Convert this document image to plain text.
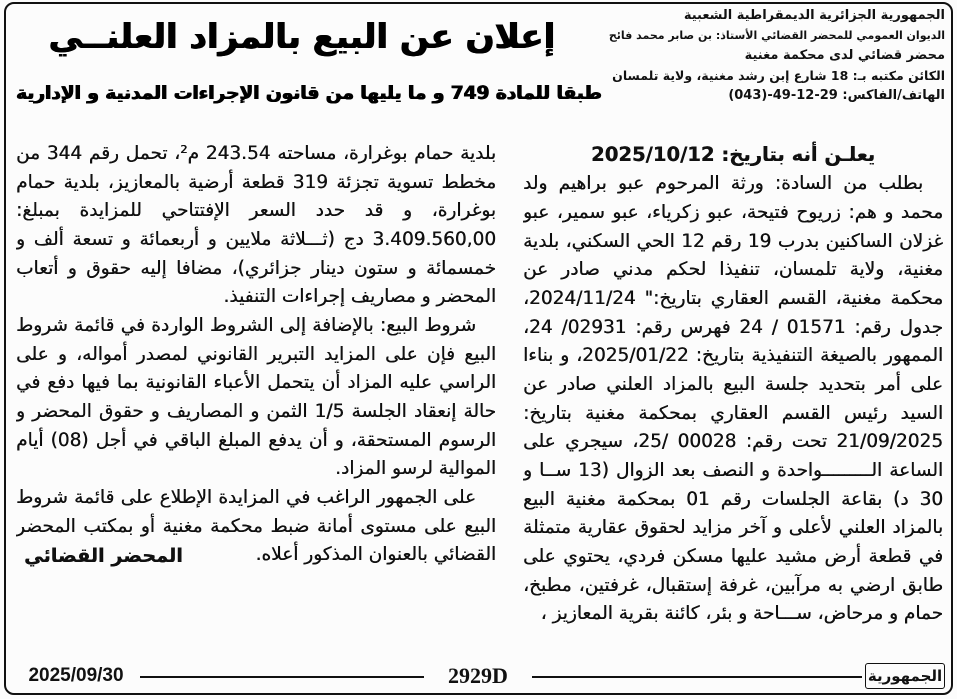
الجمهورية الجزائرية الديمقراطية الشعبية
الديوان العمومي للمحضر القضائي الأستاذ: بن صابر محمد فائح
محضر قضائي لدى محكمة مغنية
الكائن مكتبه بـ: 18 شارع إبن رشد مغنية، ولاية تلمسان
الهاتف/الفاكس: 29-12-49-(043)
إعلان عن البيع بالمزاد العلنــي
طبقا للمادة 749 و ما يليها من قانون الإجراءات المدنية و الإدارية

يعلـن أنه بتاريخ: 2025/10/12

بطلب من السادة: ورثة المرحوم عبو براهيم ولد محمد و هم: زريوح فتيحة، عبو زكرياء، عبو سمير، عبو غزلان الساكنين بدرب 19 رقم 12 الحي السكني، بلدية مغنية، ولاية تلمسان، تنفيذا لحكم مدني صادر عن محكمة مغنية، القسم العقاري بتاريخ:" 2024/11/24، جدول رقم: 01571 / 24 فهرس رقم: 02931/ 24، الممهور بالصيغة التنفيذية بتاريخ: 2025/01/22، و بناءا على أمر بتحديد جلسة البيع بالمزاد العلني صادر عن السيد رئيس القسم العقاري بمحكمة مغنية بتاريخ: 21/09/2025 تحت رقم: 00028 /25، سيجري على الساعة الـــــــــواحدة و النصف بعد الزوال (13 ســا و 30 د) بقاعة الجلسات رقم 01 بمحكمة مغنية البيع بالمزاد العلني لأعلى و آخر مزايد لحقوق عقارية متمثلة في قطعة أرض مشيد عليها مسكن فردي، يحتوي على طابق ارضي به مرآبين، غرفة إستقبال، غرفتين، مطبخ، حمام و مرحاض، ســـاحة و بئر، كائنة بقرية المعازيز ،

بلدية حمام بوغرارة، مساحته 243.54 م²، تحمل رقم 344 من مخطط تسوية تجزئة 319 قطعة أرضية بالمعازيز، بلدية حمام بوغرارة، و قد حدد السعر الإفتتاحي للمزايدة بمبلغ: 3.409.560,00 دج (ثـــلاثة ملايين و أربعمائة و تسعة ألف و خمسمائة و ستون دينار جزائري)، مضافا إليه حقوق و أتعاب المحضر و مصاريف إجراءات التنفيذ.

شروط البيع: بالإضافة إلى الشروط الواردة في قائمة شروط البيع فإن على المزايد التبرير القانوني لمصدر أمواله، و على الراسي عليه المزاد أن يتحمل الأعباء القانونية بما فيها دفع في حالة إنعقاد الجلسة 1/5 الثمن و المصاريف و حقوق المحضر و الرسوم المستحقة، و أن يدفع المبلغ الباقي في أجل (08) أيام الموالية لرسو المزاد.

على الجمهور الراغب في المزايدة الإطلاع على قائمة شروط البيع على مستوى أمانة ضبط محكمة مغنية أو بمكتب المحضر القضائي بالعنوان المذكور أعلاه.
المحضر القضائي

2025/09/30	2929D	الجمهورية
